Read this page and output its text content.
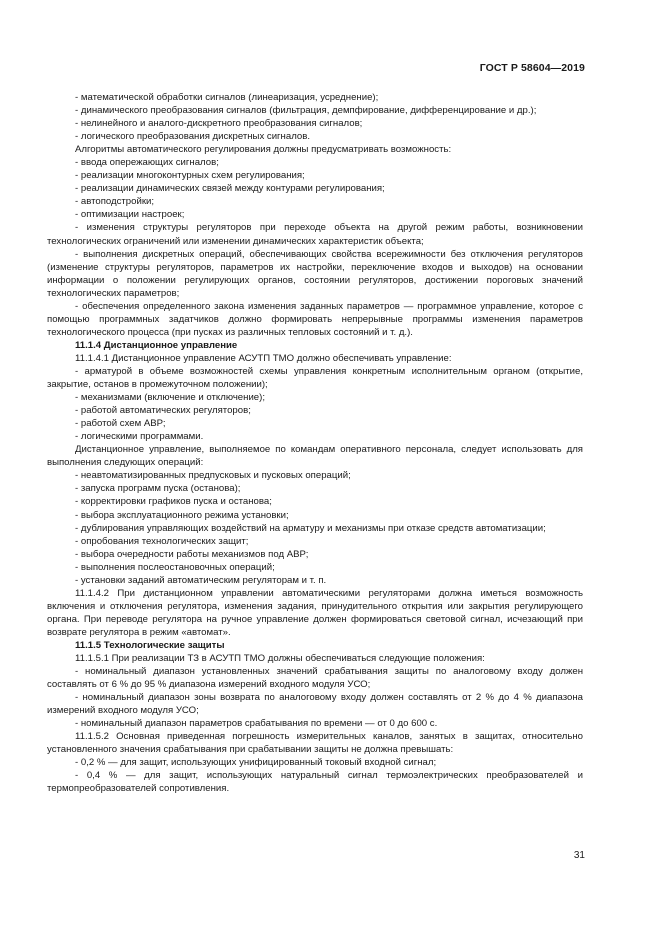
ГОСТ Р 58604—2019

- математической обработки сигналов (линеаризация, усреднение);

- динамического преобразования сигналов (фильтрация, демпфирование, дифференцирование и др.);

- нелинейного и аналого-дискретного преобразования сигналов;

- логического преобразования дискретных сигналов.

Алгоритмы автоматического регулирования должны предусматривать возможность:

- ввода опережающих сигналов;

- реализации многоконтурных схем регулирования;

- реализации динамических связей между контурами регулирования;

- автоподстройки;

- оптимизации настроек;

- изменения структуры регуляторов при переходе объекта на другой режим работы, возникновении технологических ограничений или изменении динамических характеристик объекта;

- выполнения дискретных операций, обеспечивающих свойства всережимности без отключения регуляторов (изменение структуры регуляторов, параметров их настройки, переключение входов и выходов) на основании информации о положении регулирующих органов, состоянии регуляторов, достижении пороговых значений технологических параметров;

- обеспечения определенного закона изменения заданных параметров — программное управление, которое с помощью программных задатчиков должно формировать непрерывные программы изменения параметров технологического процесса (при пусках из различных тепловых состояний и т. д.).

11.1.4 Дистанционное управление

11.1.4.1 Дистанционное управление АСУТП ТМО должно обеспечивать управление:

- арматурой в объеме возможностей схемы управления конкретным исполнительным органом (открытие, закрытие, останов в промежуточном положении);

- механизмами (включение и отключение);

- работой автоматических регуляторов;

- работой схем АВР;

- логическими программами.

Дистанционное управление, выполняемое по командам оперативного персонала, следует использовать для выполнения следующих операций:

- неавтоматизированных предпусковых и пусковых операций;

- запуска программ пуска (останова);

- корректировки графиков пуска и останова;

- выбора эксплуатационного режима установки;

- дублирования управляющих воздействий на арматуру и механизмы при отказе средств автоматизации;

- опробования технологических защит;

- выбора очередности работы механизмов под АВР;

- выполнения послеостановочных операций;

- установки заданий автоматическим регуляторам и т. п.

11.1.4.2 При дистанционном управлении автоматическими регуляторами должна иметься возможность включения и отключения регулятора, изменения задания, принудительного открытия или закрытия регулирующего органа. При переводе регулятора на ручное управление должен формироваться световой сигнал, исчезающий при возврате регулятора в режим «автомат».

11.1.5 Технологические защиты

11.1.5.1 При реализации ТЗ в АСУТП ТМО должны обеспечиваться следующие положения:

- номинальный диапазон установленных значений срабатывания защиты по аналоговому входу должен составлять от 6 % до 95 % диапазона измерений входного модуля УСО;

- номинальный диапазон зоны возврата по аналоговому входу должен составлять от 2 % до 4 % диапазона измерений входного модуля УСО;

- номинальный диапазон параметров срабатывания по времени — от 0 до 600 с.

11.1.5.2 Основная приведенная погрешность измерительных каналов, занятых в защитах, относительно установленного значения срабатывания при срабатывании защиты не должна превышать:

- 0,2 % — для защит, использующих унифицированный токовый входной сигнал;

- 0,4 % — для защит, использующих натуральный сигнал термоэлектрических преобразователей и термопреобразователей сопротивления.

31
